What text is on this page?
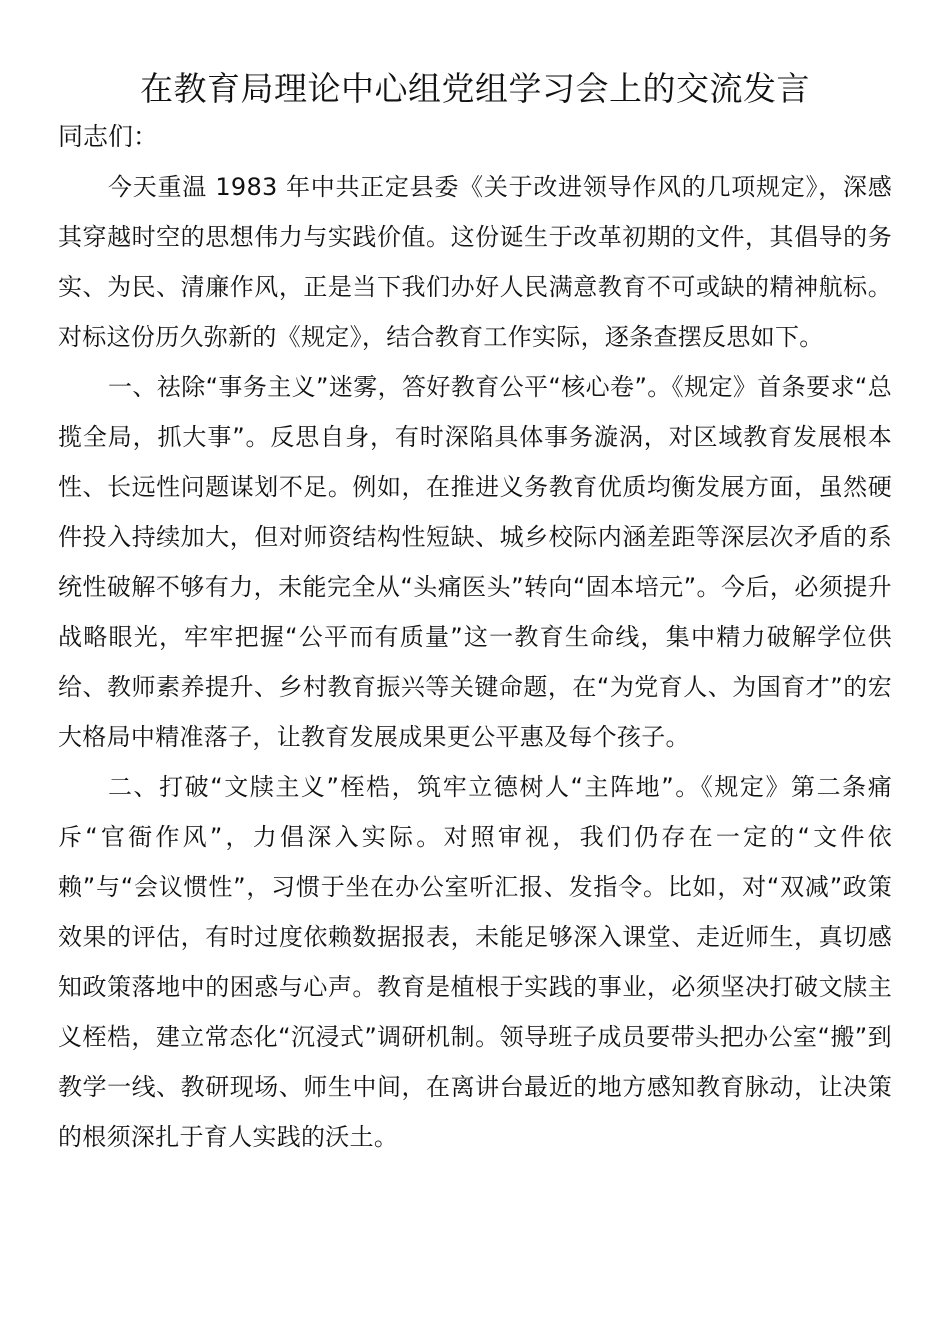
在教育局理论中心组党组学习会上的交流发言

同志们：

今天重温 1983 年中共正定县委《关于改进领导作风的几项规定》，深感其穿越时空的思想伟力与实践价值。这份诞生于改革初期的文件，其倡导的务实、为民、清廉作风，正是当下我们办好人民满意教育不可或缺的精神航标。对标这份历久弥新的《规定》，结合教育工作实际，逐条查摆反思如下。

一、祛除“事务主义”迷雾，答好教育公平“核心卷”。《规定》首条要求“总揽全局，抓大事”。反思自身，有时深陷具体事务漩涡，对区域教育发展根本性、长远性问题谋划不足。例如，在推进义务教育优质均衡发展方面，虽然硬件投入持续加大，但对师资结构性短缺、城乡校际内涵差距等深层次矛盾的系统性破解不够有力，未能完全从“头痛医头”转向“固本培元”。今后，必须提升战略眼光，牢牢把握“公平而有质量”这一教育生命线，集中精力破解学位供给、教师素养提升、乡村教育振兴等关键命题，在“为党育人、为国育才”的宏大格局中精准落子，让教育发展成果更公平惠及每个孩子。

二、打破“文牍主义”桎梏，筑牢立德树人“主阵地”。《规定》第二条痛斥“官衙作风”，力倡深入实际。对照审视，我们仍存在一定的“文件依赖”与“会议惯性”，习惯于坐在办公室听汇报、发指令。比如，对“双减”政策效果的评估，有时过度依赖数据报表，未能足够深入课堂、走近师生，真切感知政策落地中的困惑与心声。教育是植根于实践的事业，必须坚决打破文牍主义桎梏，建立常态化“沉浸式”调研机制。领导班子成员要带头把办公室“搬”到教学一线、教研现场、师生中间，在离讲台最近的地方感知教育脉动，让决策的根须深扎于育人实践的沃土。
